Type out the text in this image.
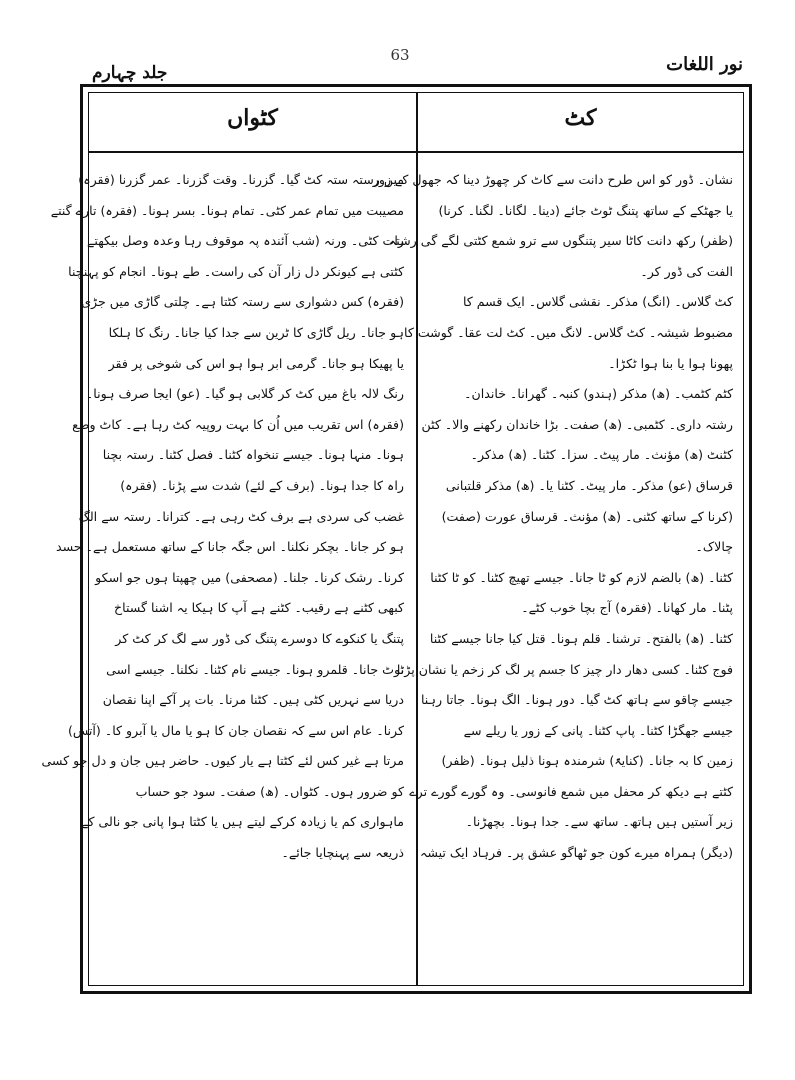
63	نور اللغات
جلد چہارم
کٹواں	کٹ
میں رستہ ستہ کٹ گیا۔ گزرنا۔ وقت گزرنا۔ عمر گزرنا (فقرہ)
مصیبت میں تمام عمر کٹی۔ تمام ہونا۔ بسر ہونا۔ (فقرہ) تارے گنتے
رات کٹی۔ ورنہ (شب آئندہ پہ موقوف رہا وعدہ وصل بیکھتے
کٹتی ہے کیونکر دل زار آن کی راست۔ طے ہونا۔ انجام کو پہنچنا
(فقرہ) کس دشواری سے رستہ کٹتا ہے۔ چلتی گاڑی میں جڑی
ہو جانا۔ ریل گاڑی کا ٹرین سے جدا کیا جانا۔ رنگ کا ہلکا
یا پھیکا ہو جانا۔ گرمی ابر ہوا ہو اس کی شوخی پر فقر
رنگ لالہ باغ میں کٹ کر گلابی ہو گیا۔ (عو) ایجا صرف ہونا۔
(فقرہ) اس تقریب میں اُن کا بہت روپیہ کٹ رہا ہے۔ کاٹ وضع
ہونا۔ منہا ہونا۔ جیسے تنخواہ کٹنا۔ فصل کٹنا۔ رستہ بچنا
راہ کا جدا ہونا۔ (برف کے لئے) شدت سے پڑنا۔ (فقرہ)
غضب کی سردی ہے برف کٹ رہی ہے۔ کترانا۔ رستہ سے الگ
ہو کر جانا۔ بچکر نکلنا۔ اس جگہ جانا کے ساتھ مستعمل ہے۔ حسد
کرنا۔ رشک کرنا۔ جلنا۔ (مصحفی) میں چھپتا ہوں جو اسکو
کبھی کٹنے ہے رقیب۔ کٹنے ہے آپ کا ہیکا یہ اشنا گستاخ
پتنگ یا کنکوے کا دوسرے پتنگ کی ڈور سے لگ کر کٹ کر
ٹوٹ جانا۔ قلمرو ہونا۔ جیسے نام کٹنا۔ نکلنا۔ جیسے اسی
دریا سے نہریں کٹی ہیں۔ کٹنا مرنا۔ بات پر آکے اپنا نقصان
کرنا۔ عام اس سے کہ نقصان جان کا ہو یا مال یا آبرو کا۔ (آتش)
مرتا ہے غیر کس لئے کٹتا ہے یار کیوں۔ حاضر ہیں جان و دل جو کسی
کو ضرور ہوں۔ کٹواں۔ (ھ) صفت۔ سود جو حساب
ماہواری کم یا زیادہ کرکے لیتے ہیں یا کٹتا ہوا پانی جو نالی کے
ذریعہ سے پہنچایا جائے۔
نشان۔ ڈور کو اس طرح دانت سے کاٹ کر چھوڑ دینا کہ جھول کے زور
یا جھٹکے کے ساتھ پتنگ ٹوٹ جائے (دینا۔ لگانا۔ لگنا۔ کرنا)
(ظفر) رکھ دانت کاٹا سیر پتنگوں سے ترو شمع کٹتی لگے گی رشتہ
الفت کی ڈور کر۔
کٹ گلاس۔ (انگ) مذکر۔ نقشی گلاس۔ ایک قسم کا
مضبوط شیشہ۔ کٹ گلاس۔ لانگ میں۔ کٹ لت عقا۔ گوشت کا
پھونا ہوا یا بنا ہوا ٹکڑا۔
کٹم کٹمب۔ (ھ) مذکر (ہندو) کنبہ۔ گھرانا۔ خاندان۔
رشتہ داری۔ کٹمبی۔ (ھ) صفت۔ بڑا خاندان رکھنے والا۔ کٹن
کٹنٹ (ھ) مؤنث۔ مار پیٹ۔ سزا۔ کٹنا۔ (ھ) مذکر۔
قرساق (عو) مذکر۔ مار پیٹ۔ کٹنا یا۔ (ھ) مذکر قلتبانی
(کرنا کے ساتھ کٹنی۔ (ھ) مؤنث۔ قرساق عورت (صفت)
چالاک۔
کٹنا۔ (ھ) بالضم لازم کو ٹا جانا۔ جیسے تھیچ کٹنا۔ کو ٹا کٹنا
پٹنا۔ مار کھانا۔ (فقرہ) آج بچا خوب کٹے۔
کٹنا۔ (ھ) بالفتح۔ ترشنا۔ قلم ہونا۔ قتل کیا جانا جیسے کٹنا
فوج کٹنا۔ کسی دھار دار چیز کا جسم پر لگ کر زخم یا نشان پڑنا
جیسے چاقو سے ہاتھ کٹ گیا۔ دور ہونا۔ الگ ہونا۔ جاتا رہنا
جیسے جھگڑا کٹنا۔ پاپ کٹنا۔ پانی کے زور یا ریلے سے
زمین کا بہ جانا۔ (کنایۃً) شرمندہ ہونا ذلیل ہونا۔ (ظفر)
کٹتے ہے دیکھ کر محفل میں شمع فانوسی۔ وہ گورے گورے ترے
زیر آستیں ہیں ہاتھ۔ ساتھ سے۔ جدا ہونا۔ بچھڑنا۔
(دیگر) ہمراہ میرے کون جو ٹھاگو عشق پر۔ فرہاد ایک تیشہ
